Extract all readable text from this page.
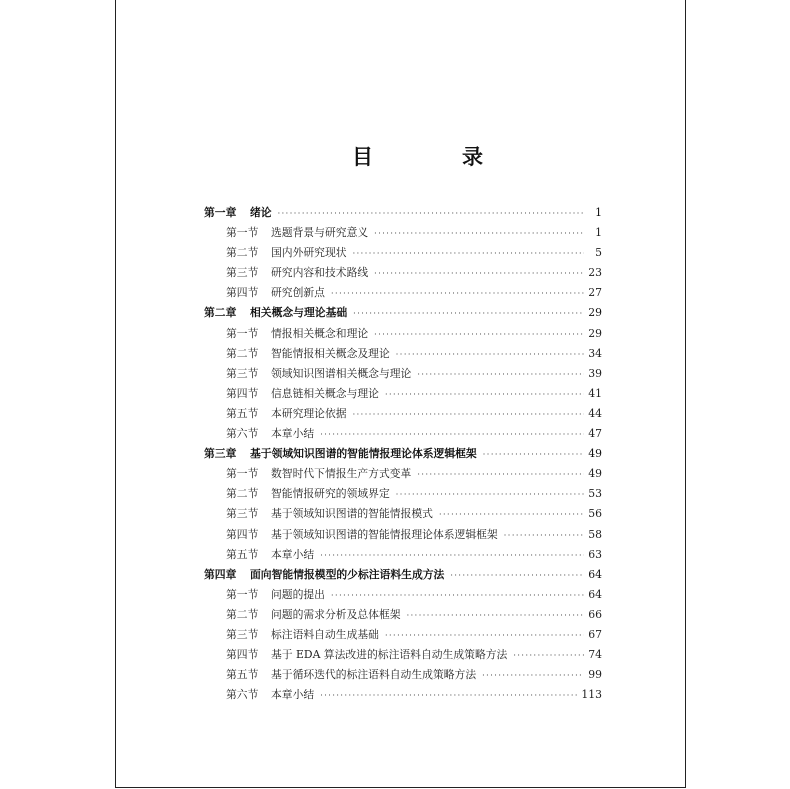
目　录
第一章	绪论 ·····	1
第一节	选题背景与研究意义 ·····	1
第二节	国内外研究现状 ·····	5
第三节	研究内容和技术路线 ·····	23
第四节	研究创新点 ·····	27
第二章	相关概念与理论基础 ·····	29
第一节	情报相关概念和理论 ·····	29
第二节	智能情报相关概念及理论 ·····	34
第三节	领域知识图谱相关概念与理论 ·····	39
第四节	信息链相关概念与理论 ·····	41
第五节	本研究理论依据 ·····	44
第六节	本章小结 ·····	47
第三章	基于领域知识图谱的智能情报理论体系逻辑框架 ·····	49
第一节	数智时代下情报生产方式变革 ·····	49
第二节	智能情报研究的领域界定 ·····	53
第三节	基于领域知识图谱的智能情报模式 ·····	56
第四节	基于领域知识图谱的智能情报理论体系逻辑框架 ·····	58
第五节	本章小结 ·····	63
第四章	面向智能情报模型的少标注语料生成方法 ·····	64
第一节	问题的提出 ·····	64
第二节	问题的需求分析及总体框架 ·····	66
第三节	标注语料自动生成基础 ·····	67
第四节	基于 EDA 算法改进的标注语料自动生成策略方法 ·····	74
第五节	基于循环迭代的标注语料自动生成策略方法 ·····	99
第六节	本章小结 ·····	113
